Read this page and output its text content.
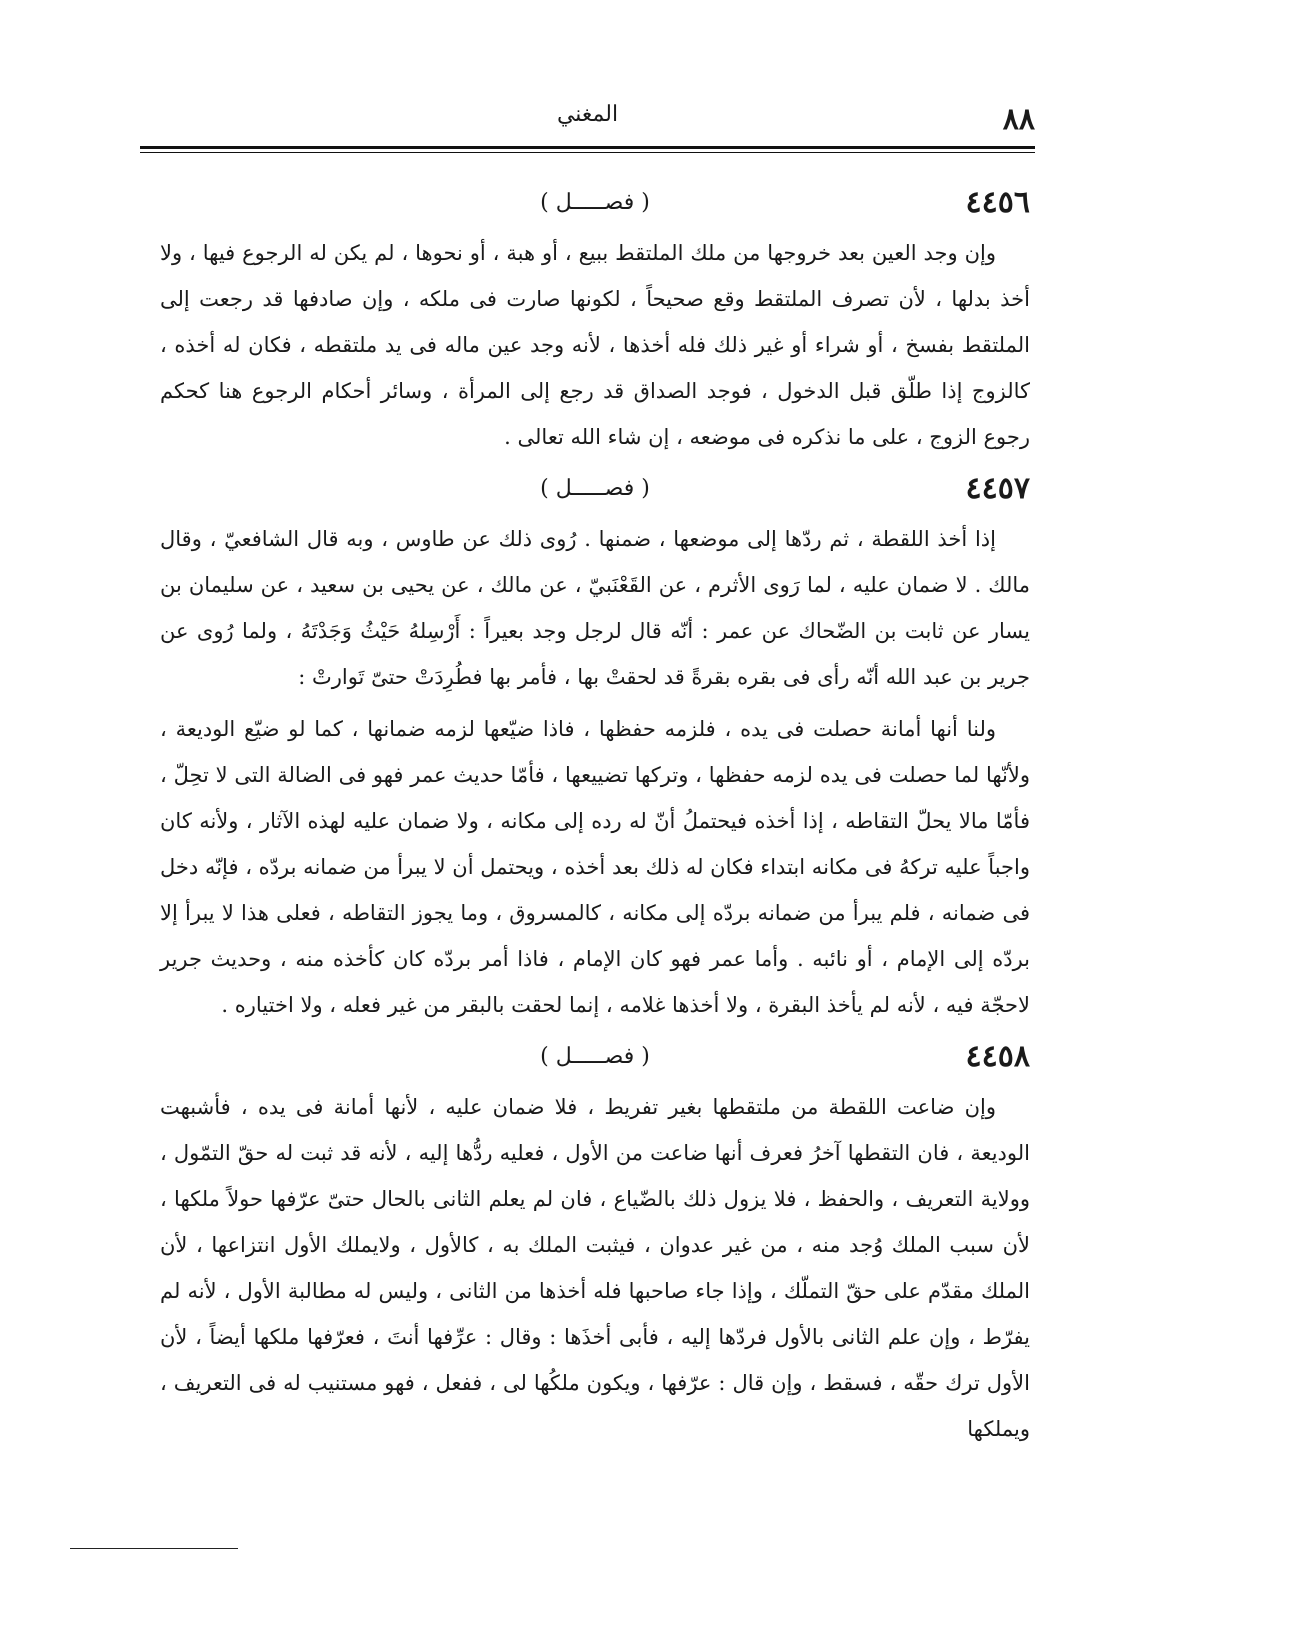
٨٨
المغني
٤٤٥٦
( فصـــــل )

وإن وجد العين بعد خروجها من ملك الملتقط ببيع ، أو هبة ، أو نحوها ، لم يكن له الرجوع فيها ، ولا أخذ بدلها ، لأن تصرف الملتقط وقع صحيحاً ، لكونها صارت فى ملكه ، وإن صادفها قد رجعت إلى الملتقط بفسخ ، أو شراء أو غير ذلك فله أخذها ، لأنه وجد عين ماله فى يد ملتقطه ، فكان له أخذه ، كالزوج إذا طلّق قبل الدخول ، فوجد الصداق قد رجع إلى المرأة ، وسائر أحكام الرجوع هنا كحكم رجوع الزوج ، على ما نذكره فى موضعه ، إن شاء الله تعالى .

٤٤٥٧
( فصـــــل )

إذا أخذ اللقطة ، ثم ردّها إلى موضعها ، ضمنها . رُوى ذلك عن طاوس ، وبه قال الشافعيّ ، وقال مالك . لا ضمان عليه ، لما رَوى الأثرم ، عن القَعْنَبيّ ، عن مالك ، عن يحيى بن سعيد ، عن سليمان بن يسار عن ثابت بن الضّحاك عن عمر : أنّه قال لرجل وجد بعيراً : أَرْسِلهُ حَيْثُ وَجَدْتَهُ ، ولما رُوى عن جرير بن عبد الله أنّه رأى فى بقره بقرةً قد لحقتْ بها ، فأمر بها فطُرِدَتْ حتىّ تَوارتْ :

ولنا أنها أمانة حصلت فى يده ، فلزمه حفظها ، فاذا ضيّعها لزمه ضمانها ، كما لو ضيّع الوديعة ، ولأنّها لما حصلت فى يده لزمه حفظها ، وتركها تضييعها ، فأمّا حديث عمر فهو فى الضالة التى لا تحِلّ ، فأمّا مالا يحلّ التقاطه ، إذا أخذه فيحتملُ أنّ له رده إلى مكانه ، ولا ضمان عليه لهذه الآثار ، ولأنه كان واجباً عليه تركهُ فى مكانه ابتداء فكان له ذلك بعد أخذه ، ويحتمل أن لا يبرأ من ضمانه بردّه ، فإنّه دخل فى ضمانه ، فلم يبرأ من ضمانه بردّه إلى مكانه ، كالمسروق ، وما يجوز التقاطه ، فعلى هذا لا يبرأ إلا بردّه إلى الإمام ، أو نائبه . وأما عمر فهو كان الإمام ، فاذا أمر بردّه كان كأخذه منه ، وحديث جرير لاحجّة فيه ، لأنه لم يأخذ البقرة ، ولا أخذها غلامه ، إنما لحقت بالبقر من غير فعله ، ولا اختياره .

٤٤٥٨
( فصـــــل )

وإن ضاعت اللقطة من ملتقطها بغير تفريط ، فلا ضمان عليه ، لأنها أمانة فى يده ، فأشبهت الوديعة ، فان التقطها آخرُ فعرف أنها ضاعت من الأول ، فعليه ردُّها إليه ، لأنه قد ثبت له حقّ التمّول ، وولاية التعريف ، والحفظ ، فلا يزول ذلك بالضّياع ، فان لم يعلم الثانى بالحال حتىّ عرّفها حولاً ملكها ، لأن سبب الملك وُجد منه ، من غير عدوان ، فيثبت الملك به ، كالأول ، ولايملك الأول انتزاعها ، لأن الملك مقدّم على حقّ التملّك ، وإذا جاء صاحبها فله أخذها من الثانى ، وليس له مطالبة الأول ، لأنه لم يفرّط ، وإن علم الثانى بالأول فردّها إليه ، فأبى أخذَها : وقال : عرِّفها أنتَ ، فعرّفها ملكها أيضاً ، لأن الأول ترك حقّه ، فسقط ، وإن قال : عرّفها ، ويكون ملكُها لى ، ففعل ، فهو مستنيب له فى التعريف ، ويملكها
